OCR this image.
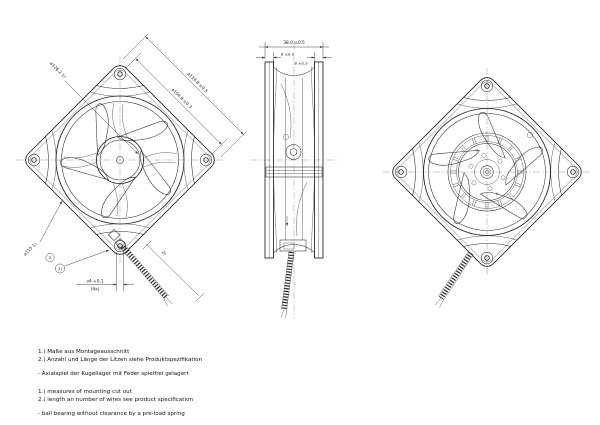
⌀104.8 ±0.3
⌀119.8 ±0.5
⌀126.2 1)
⌀115 1)
3
2)
⌀4 +0.1
(4x)
2)
38.0 ±0.5
8 ±0.3
8 ±0.3
1.) Maße aus Montageausschnitt
2.) Anzahl und Länge der Litzen siehe Produktspezifikation
- Axialspiel der Kugellager mit Feder spielfrei gelagert
1.) measures of mounting cut out
2.) length an number of wires see product specification
- ball bearing without clearance by a pre-load spring
